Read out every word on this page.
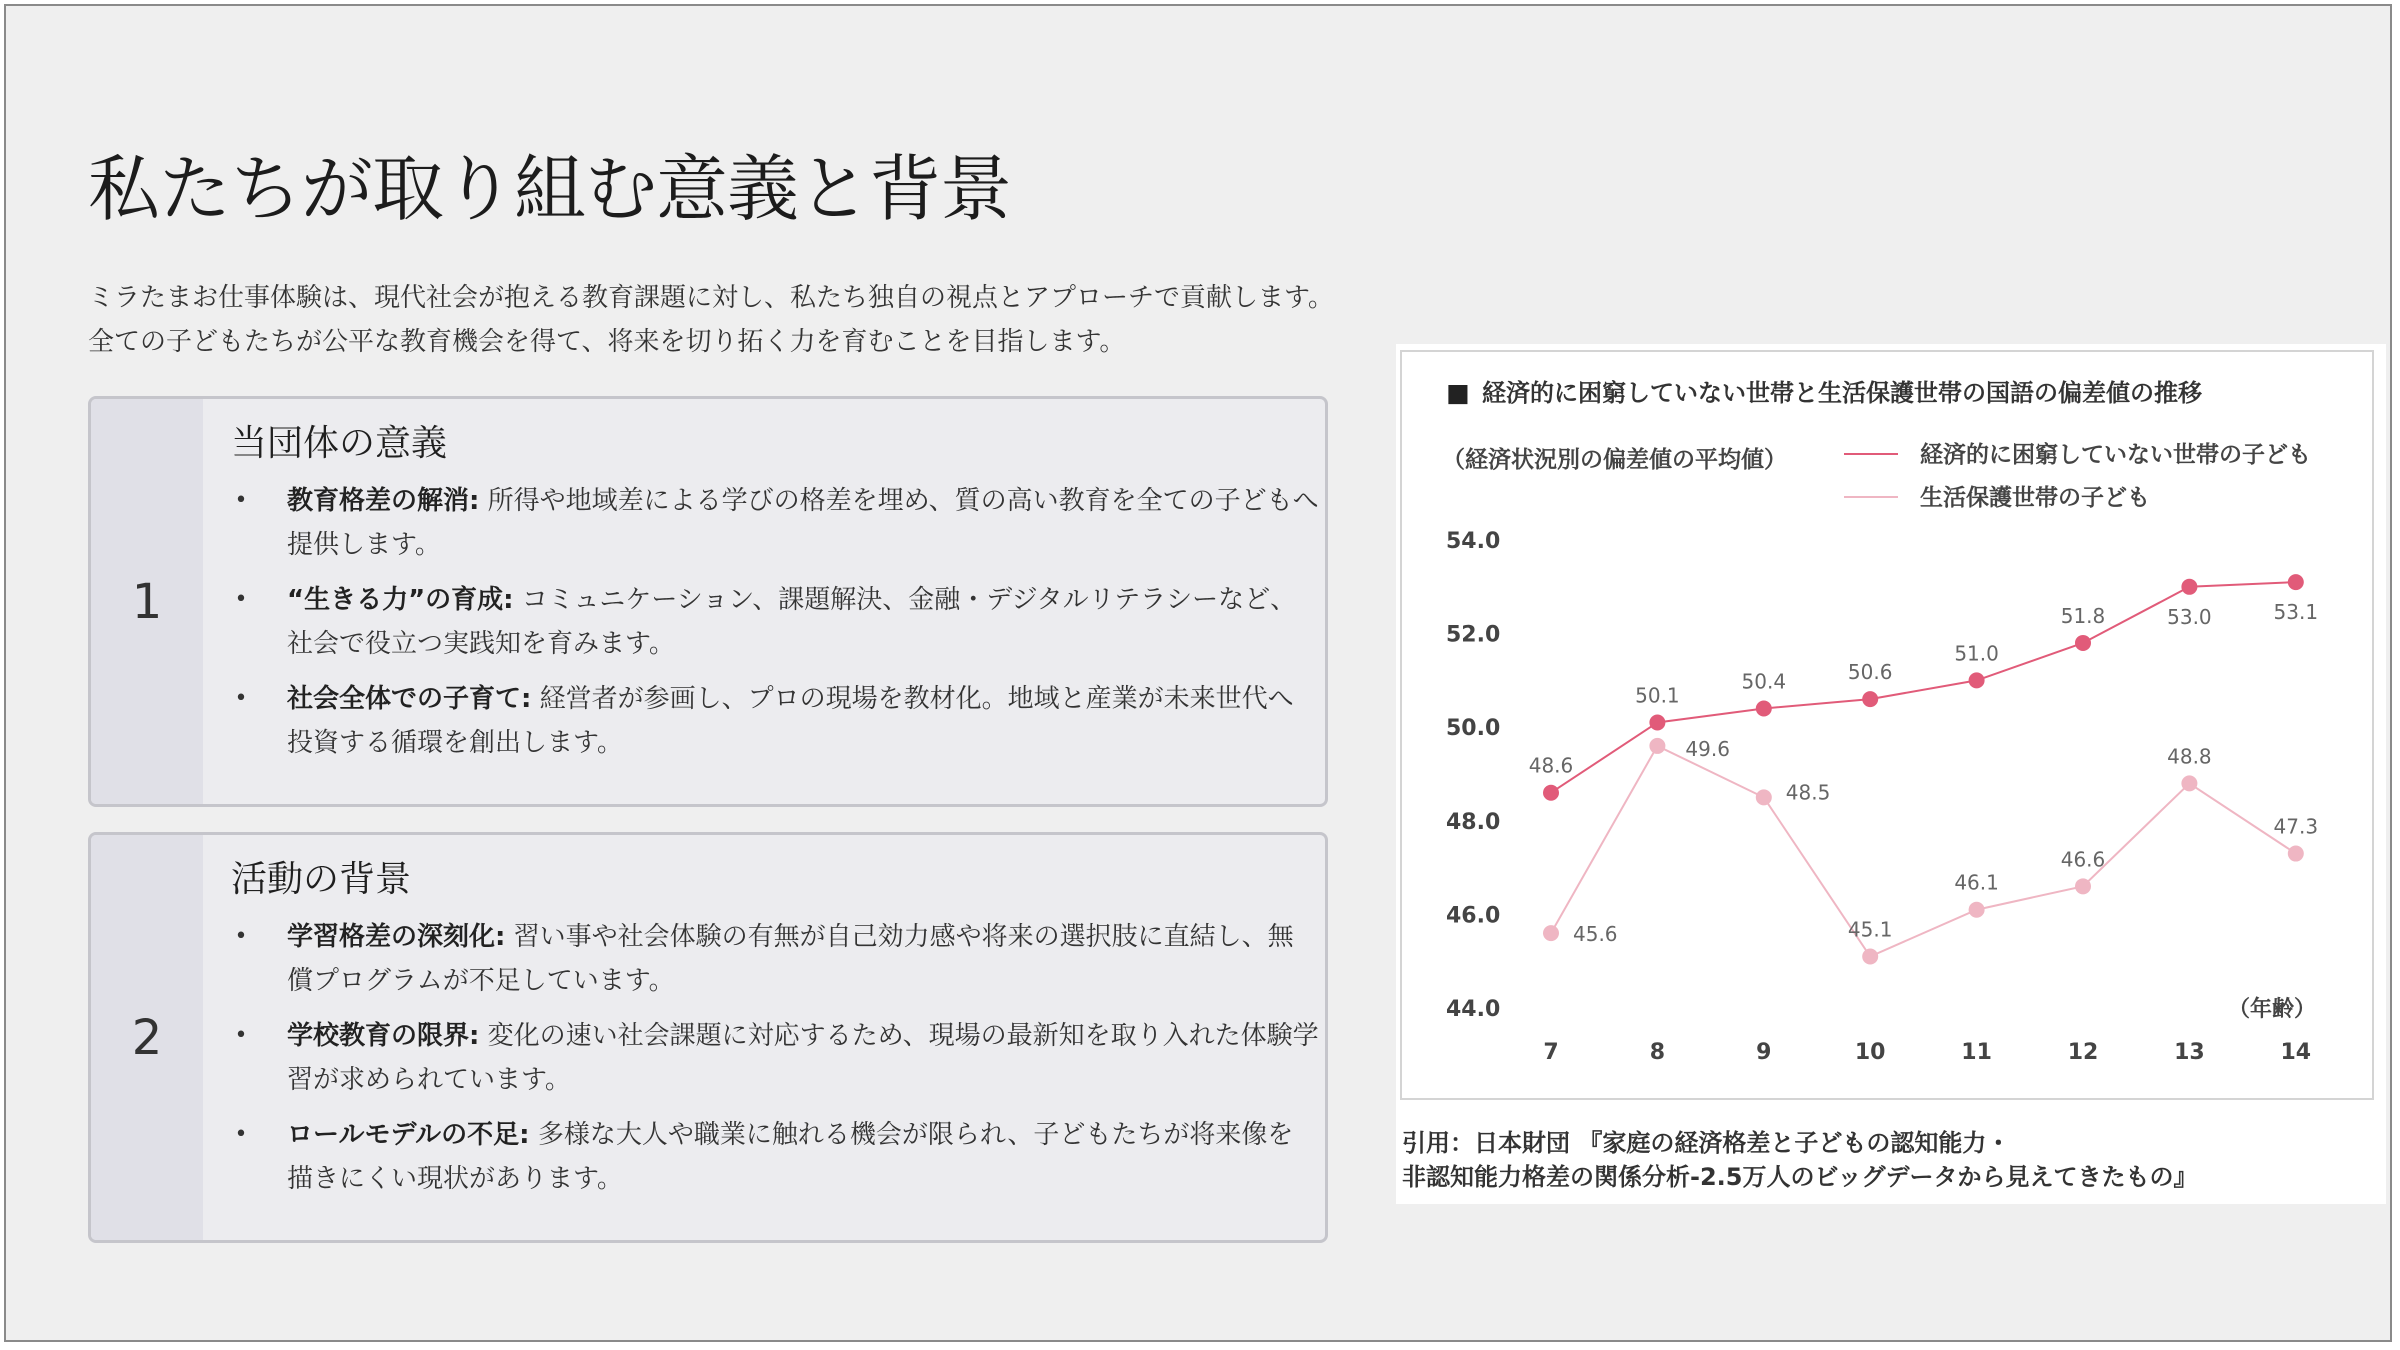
私たちが取り組む意義と背景
ミラたまお仕事体験は、現代社会が抱える教育課題に対し、私たち独自の視点とアプローチで貢献します。
全ての子どもたちが公平な教育機会を得て、将来を切り拓く力を育むことを目指します。
1
当団体の意義
• 教育格差の解消: 所得や地域差による学びの格差を埋め、質の高い教育を全ての子どもへ提供します。
• “生きる力”の育成: コミュニケーション、課題解決、金融・デジタルリテラシーなど、社会で役立つ実践知を育みます。
• 社会全体での子育て: 経営者が参画し、プロの現場を教材化。地域と産業が未来世代へ投資する循環を創出します。
2
活動の背景
• 学習格差の深刻化: 習い事や社会体験の有無が自己効力感や将来の選択肢に直結し、無償プログラムが不足しています。
• 学校教育の限界: 変化の速い社会課題に対応するため、現場の最新知を取り入れた体験学習が求められています。
• ロールモデルの不足: 多様な大人や職業に触れる機会が限られ、子どもたちが将来像を描きにくい現状があります。
■ 経済的に困窮していない世帯と生活保護世帯の国語の偏差値の推移
（経済状況別の偏差値の平均値）	経済的に困窮していない世帯の子ども
生活保護世帯の子ども
54.0
52.0
50.0
48.0
46.0
44.0
7	8	9	10	11	12	13	14
（年齢）
48.6
50.1
50.4	50.6
51.0
51.8	53.0	53.1
45.6
49.6
48.5
45.1
46.1
46.6
48.8
47.3
引用：日本財団 『家庭の経済格差と子どもの認知能力・
非認知能力格差の関係分析-2.5万人のビッグデータから見えてきたもの』
